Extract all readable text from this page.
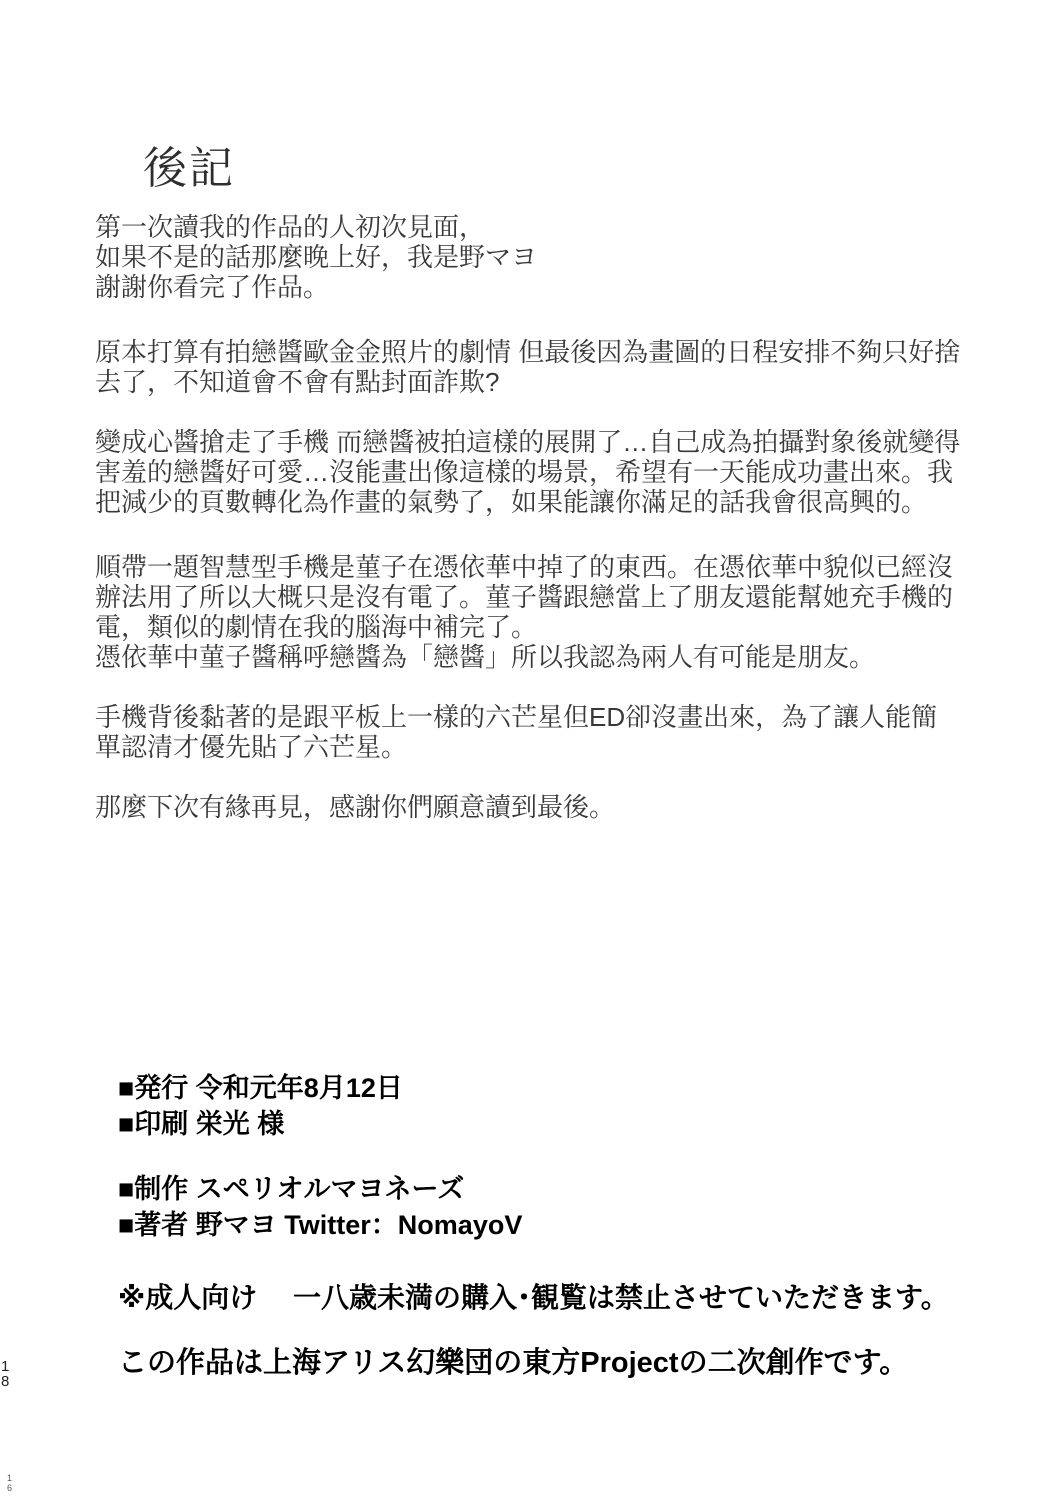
後記
第一次讀我的作品的人初次見面，
如果不是的話那麼晚上好，我是野マヨ
謝謝你看完了作品。
原本打算有拍戀醬歐金金照片的劇情 但最後因為畫圖的日程安排不夠只好捨
去了，不知道會不會有點封面詐欺?
變成心醬搶走了手機 而戀醬被拍這樣的展開了…自己成為拍攝對象後就變得
害羞的戀醬好可愛…沒能畫出像這樣的場景，希望有一天能成功畫出來。我
把減少的頁數轉化為作畫的氣勢了，如果能讓你滿足的話我會很高興的。
順帶一題智慧型手機是菫子在憑依華中掉了的東西。在憑依華中貌似已經沒
辦法用了所以大概只是沒有電了。菫子醬跟戀當上了朋友還能幫她充手機的
電，類似的劇情在我的腦海中補完了。
憑依華中菫子醬稱呼戀醬為「戀醬」所以我認為兩人有可能是朋友。
手機背後黏著的是跟平板上一樣的六芒星但ED卻沒畫出來，為了讓人能簡
單認清才優先貼了六芒星。
那麼下次有緣再見，感謝你們願意讀到最後。
■発行 令和元年8月12日
■印刷 栄光 様
■制作 スペリオルマヨネーズ
■著者 野マヨ Twitter：NomayoV
※成人向け　 一八歳未満の購入･観覧は禁止させていただきます。
この作品は上海アリス幻樂団の東方Projectの二次創作です。
1
8
1
6
